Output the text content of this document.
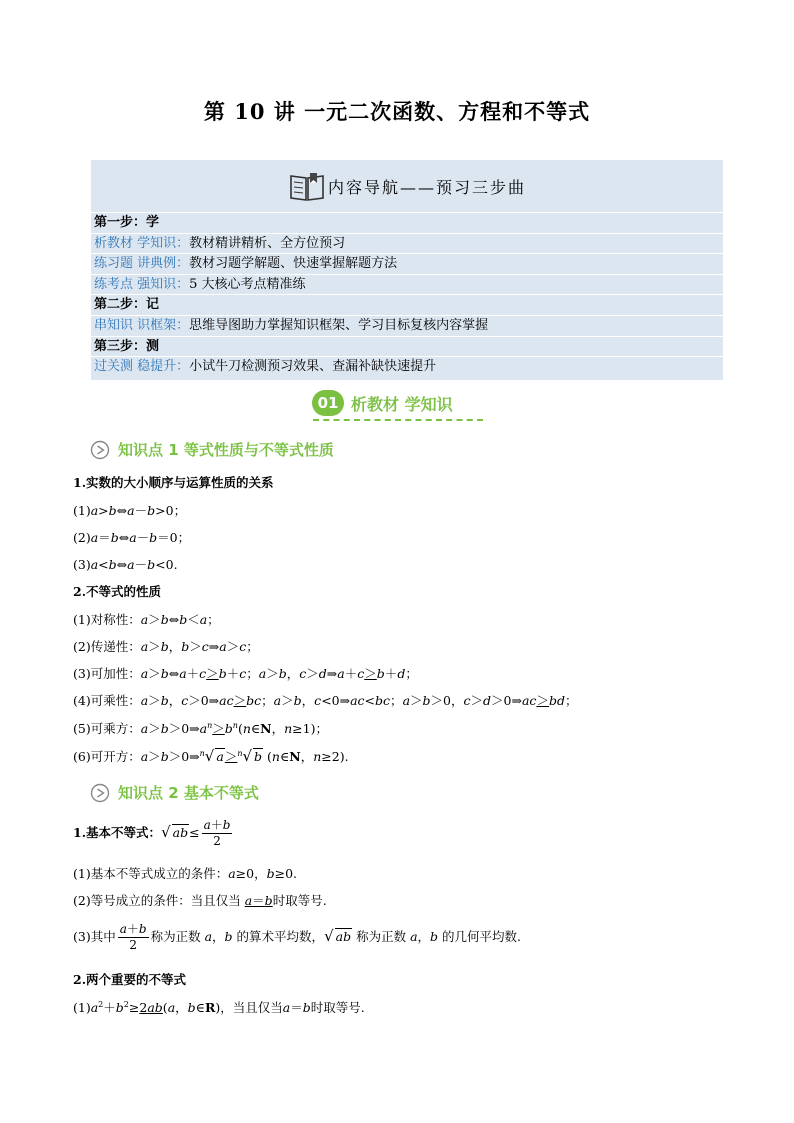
第 10 讲 一元二次函数、方程和不等式
内容导航——预习三步曲
第一步：学
析教材 学知识：教材精讲精析、全方位预习
练习题 讲典例：教材习题学解题、快速掌握解题方法
练考点 强知识：5 大核心考点精准练
第二步：记
串知识 识框架：思维导图助力掌握知识框架、学习目标复核内容掌握
第三步：测
过关测 稳提升：小试牛刀检测预习效果、查漏补缺快速提升
01 析教材 学知识
知识点 1 等式性质与不等式性质
1.实数的大小顺序与运算性质的关系
(1)a>b⇔a－b>0；
(2)a＝b⇔a－b＝0；
(3)a<b⇔a－b<0.
2.不等式的性质
(1)对称性：a＞b⇔b＜a；
(2)传递性：a＞b，b＞c⇒a＞c；
(3)可加性：a＞b⇔a＋c＞b＋c；a＞b，c＞d⇒a＋c＞b＋d；
(4)可乘性：a＞b，c＞0⇒ac＞bc；a＞b，c<0⇒ac<bc；a＞b＞0，c＞d＞0⇒ac＞bd；
(5)可乘方：$a>b>0\Rightarrow a^n>b^n(n\in N$，n≥1)；
(6)可开方：a＞b＞0⇒$^n$√ a＞$^n$√ b (n∈N，n≥2).
知识点 2 基本不等式
1.基本不等式：√ $ab\le \frac{a+b}{2}$
(1)基本不等式成立的条件：a≥0，b≥0.
(2)等号成立的条件：当且仅当 a＝b时取等号.
(3)其中 $\frac{a+b}{2}$ 称为正数 a，b 的算术平均数，√ ab 称为正数 a，b 的几何平均数.
2.两个重要的不等式
$(1)a^2+b^2\ge 2ab(a$，b∈R)，当且仅当a＝b时取等号.
